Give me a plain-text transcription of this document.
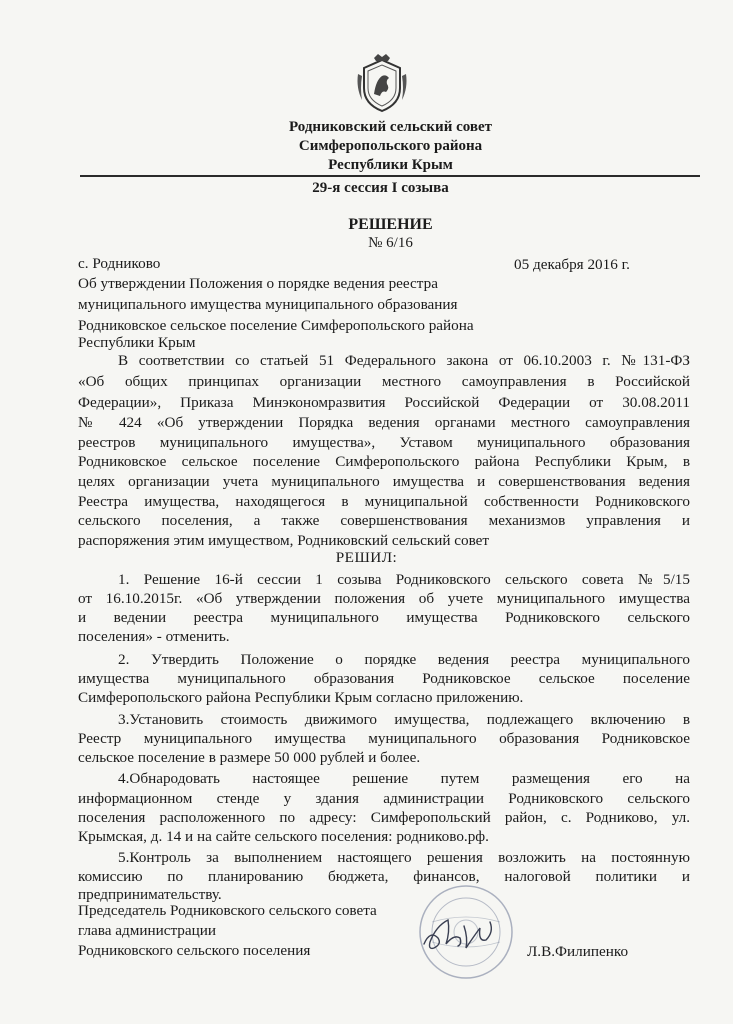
Родниковский сельский совет
Симферопольского района
Республики Крым
29-я сессия I созыва
РЕШЕНИЕ
№ 6/16
с. Родниково	05 декабря 2016 г.
Об утверждении Положения о порядке ведения реестра
муниципального имущества муниципального образования
Родниковское сельское поселение Симферопольского района
Республики Крым
В соответствии со статьей 51 Федерального закона от 06.10.2003 г. №131-ФЗ
«Об общих принципах организации местного самоуправления в Российской
Федерации», Приказа Минэкономразвития Российской Федерации от 30.08.2011
№ 424 «Об утверждении Порядка ведения органами местного самоуправления
реестров муниципального имущества», Уставом муниципального образования
Родниковское сельское поселение Симферопольского района Республики Крым, в
целях организации учета муниципального имущества и совершенствования ведения
Реестра имущества, находящегося в муниципальной собственности Родниковского
сельского поселения, а также совершенствования механизмов управления и
распоряжения этим имуществом, Родниковский сельский совет
РЕШИЛ:
1. Решение 16-й сессии 1 созыва Родниковского сельского совета №5/15
от 16.10.2015г. «Об утверждении положения об учете муниципального имущества
и ведении реестра муниципального имущества Родниковского сельского
поселения» - отменить.
2. Утвердить Положение о порядке ведения реестра муниципального
имущества муниципального образования Родниковское сельское поселение
Симферопольского района Республики Крым согласно приложению.
3.Установить стоимость движимого имущества, подлежащего включению в
Реестр муниципального имущества муниципального образования Родниковское
сельское поселение в размере 50 000 рублей и более.
4.Обнародовать настоящее решение путем размещения его на
информационном стенде у здания администрации Родниковского сельского
поселения расположенного по адресу: Симферопольский район, с. Родниково, ул.
Крымская, д. 14 и на сайте сельского поселения: родниково.рф.
5.Контроль за выполнением настоящего решения возложить на постоянную
комиссию по планированию бюджета, финансов, налоговой политики и
предпринимательству.
Председатель Родниковского сельского совета
глава администрации
Родниковского сельского поселения	Л.В.Филипенко
